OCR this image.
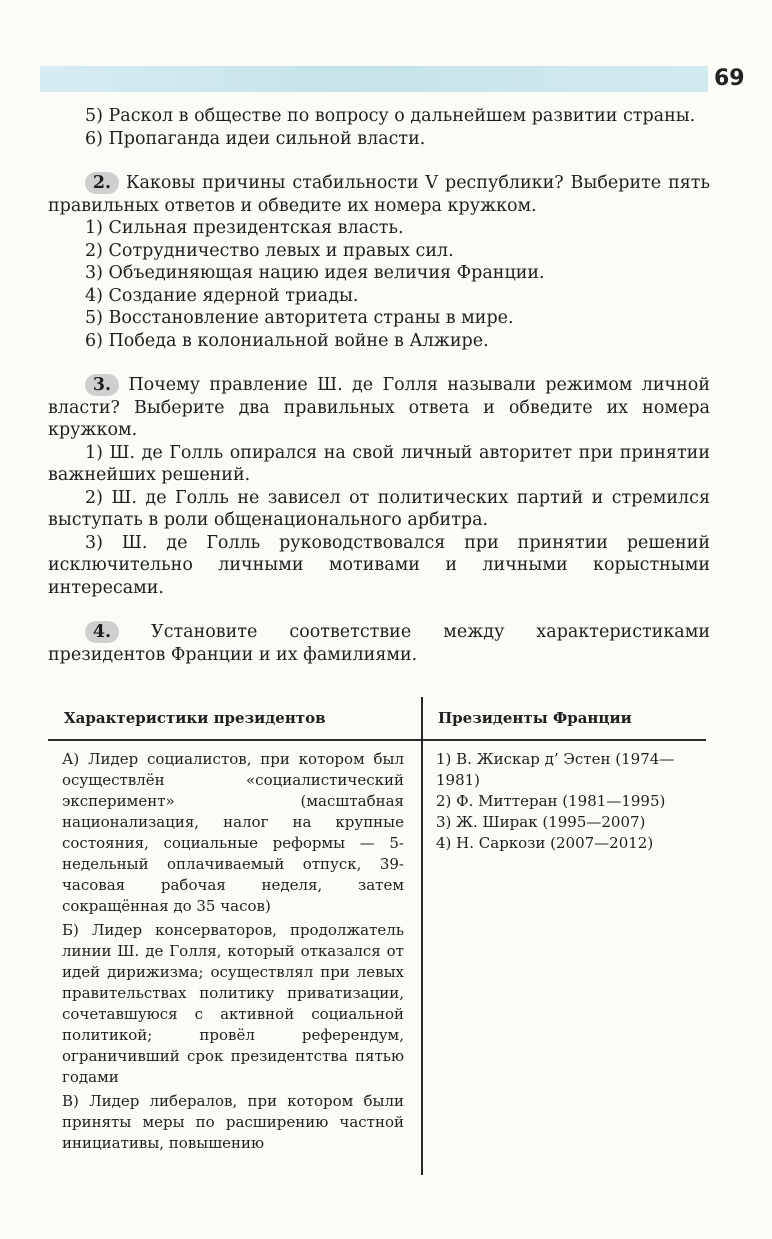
69

5) Раскол в обществе по вопросу о дальнейшем развитии страны.

6) Пропаганда идеи сильной власти.

2. Каковы причины стабильности V республики? Выберите пять правильных ответов и обведите их номера кружком.

1) Сильная президентская власть.

2) Сотрудничество левых и правых сил.

3) Объединяющая нацию идея величия Франции.

4) Создание ядерной триады.

5) Восстановление авторитета страны в мире.

6) Победа в колониальной войне в Алжире.

3. Почему правление Ш. де Голля называли режимом личной власти? Выберите два правильных ответа и обведите их номера кружком.

1) Ш. де Голль опирался на свой личный авторитет при принятии важнейших решений.

2) Ш. де Голль не зависел от политических партий и стремился выступать в роли общенационального арбитра.

3) Ш. де Голль руководствовался при принятии решений исключительно личными мотивами и личными корыстными интересами.

4. Установите соответствие между характеристиками президентов Франции и их фамилиями.

Характеристики президентов	Президенты Франции
А) Лидер социалистов, при котором был осуществлён «социалистический эксперимент» (масштабная национализация, налог на крупные состояния, социальные реформы — 5-недельный оплачиваемый отпуск, 39-часовая рабочая неделя, затем сокращённая до 35 часов)
Б) Лидер консерваторов, продолжатель линии Ш. де Голля, который отказался от идей дирижизма; осуществлял при левых правительствах политику приватизации, сочетавшуюся с активной социальной политикой; провёл референдум, ограничивший срок президентства пятью годами
В) Лидер либералов, при котором были приняты меры по расширению частной инициативы, повышению
1) В. Жискар д’ Эстен (1974—1981)
2) Ф. Миттеран (1981—1995)
3) Ж. Ширак (1995—2007)
4) Н. Саркози (2007—2012)
